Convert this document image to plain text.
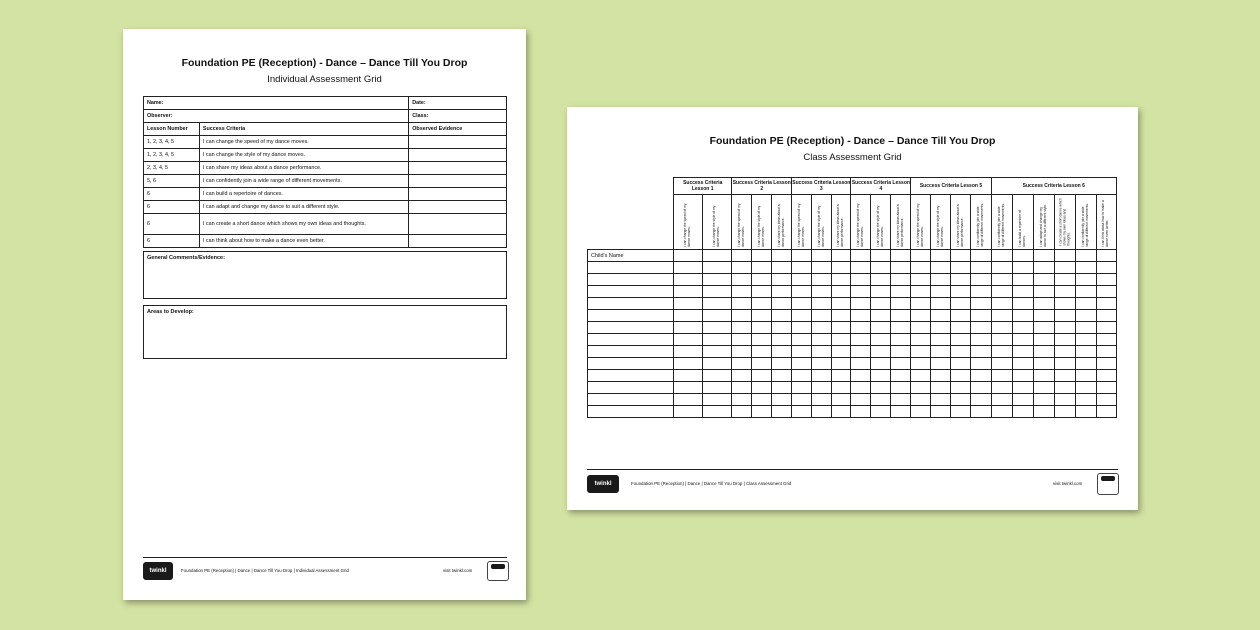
Foundation PE (Reception) - Dance – Dance Till You Drop
Individual Assessment Grid
Name:		Date:
Observer:		Class:
Lesson Number	Success Criteria	Observed Evidence
1, 2, 3, 4, 5	I can change the speed of my dance moves.	
1, 2, 3, 4, 5	I can change the style of my dance moves.	
2, 3, 4, 5	I can share my ideas about a dance performance.	
5, 6	I can confidently join a wide range of different movements.	
6	I can build a repertoire of dances.	
6	I can adapt and change my dance to suit a different style.	
6	I can create a short dance which shows my own ideas and thoughts.	
6	I can think about how to make a dance even better.	
General Comments/Evidence:
Areas to Develop:
twinkl	Foundation PE (Reception) | Dance | Dance Till You Drop | Individual Assessment Grid	visit twinkl.com
Foundation PE (Reception) - Dance – Dance Till You Drop
Class Assessment Grid
	Success Criteria Lesson 1		Success Criteria Lesson 2			Success Criteria Lesson 3			Success Criteria Lesson 4			Success Criteria Lesson 5				Success Criteria Lesson 6					

	I can change the speed of my dance moves.	I can change the style of my dance moves.	I can change the speed of my dance moves.	I can change the style of my dance moves.	I can share my ideas about a dance performance.	I can change the speed of my dance moves.	I can change the style of my dance moves.	I can share my ideas about a dance performance.	I can change the speed of my dance moves.	I can change the style of my dance moves.	I can share my ideas about a dance performance.	I can change the speed of my dance moves.	I can change the style of my dance moves.	I can share my ideas about a dance performance.	I can confidently join a wide range of different movements.	I can confidently join a wide range of different movements.	I can build a repertoire of dances.	I can adapt and change my dance to suit a different style.	I can create a short dance which shows my own ideas and thoughts.	I can confidently join a wide range of different movements.	I can think about how to make a dance even better.

Child's Name																					

twinkl	Foundation PE (Reception) | Dance | Dance Till You Drop | Class Assessment Grid	visit twinkl.com
